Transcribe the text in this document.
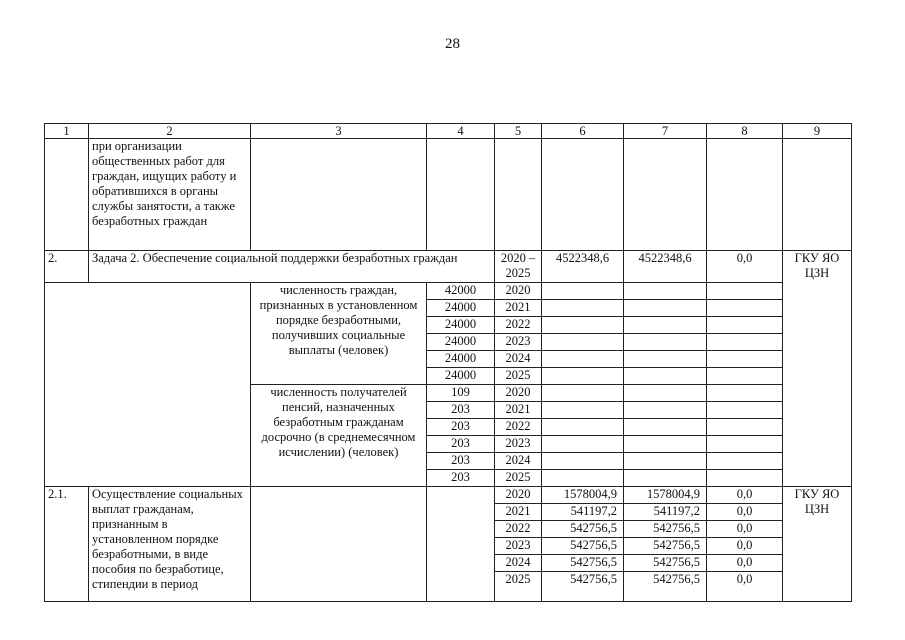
28
1	2	3	4	5	6	7	8	9
	при организации общественных работ для граждан, ищущих работу и обратившихся в органы службы занятости, а также безработных граждан							
2.	Задача 2. Обеспечение социальной поддержки безработных граждан			2020 – 2025	4522348,6	4522348,6	0,0	ГКУ ЯО ЦЗН
		численность граждан, признанных в установленном порядке безработными, получивших социальные выплаты (человек)	42000	2020				
			24000	2021				
			24000	2022				
			24000	2023				
			24000	2024				
			24000	2025				
		численность получателей пенсий, назначенных безработным гражданам досрочно (в среднемесячном исчислении) (человек)	109	2020				
			203	2021				
			203	2022				
			203	2023				
			203	2024				
			203	2025				
2.1.	Осуществление социальных выплат гражданам, признанным в установленном порядке безработными, в виде пособия по безработице, стипендии в период			2020	1578004,9	1578004,9	0,0	ГКУ ЯО ЦЗН
				2021	541197,2	541197,2	0,0	
				2022	542756,5	542756,5	0,0	
				2023	542756,5	542756,5	0,0	
				2024	542756,5	542756,5	0,0	
				2025	542756,5	542756,5	0,0	
